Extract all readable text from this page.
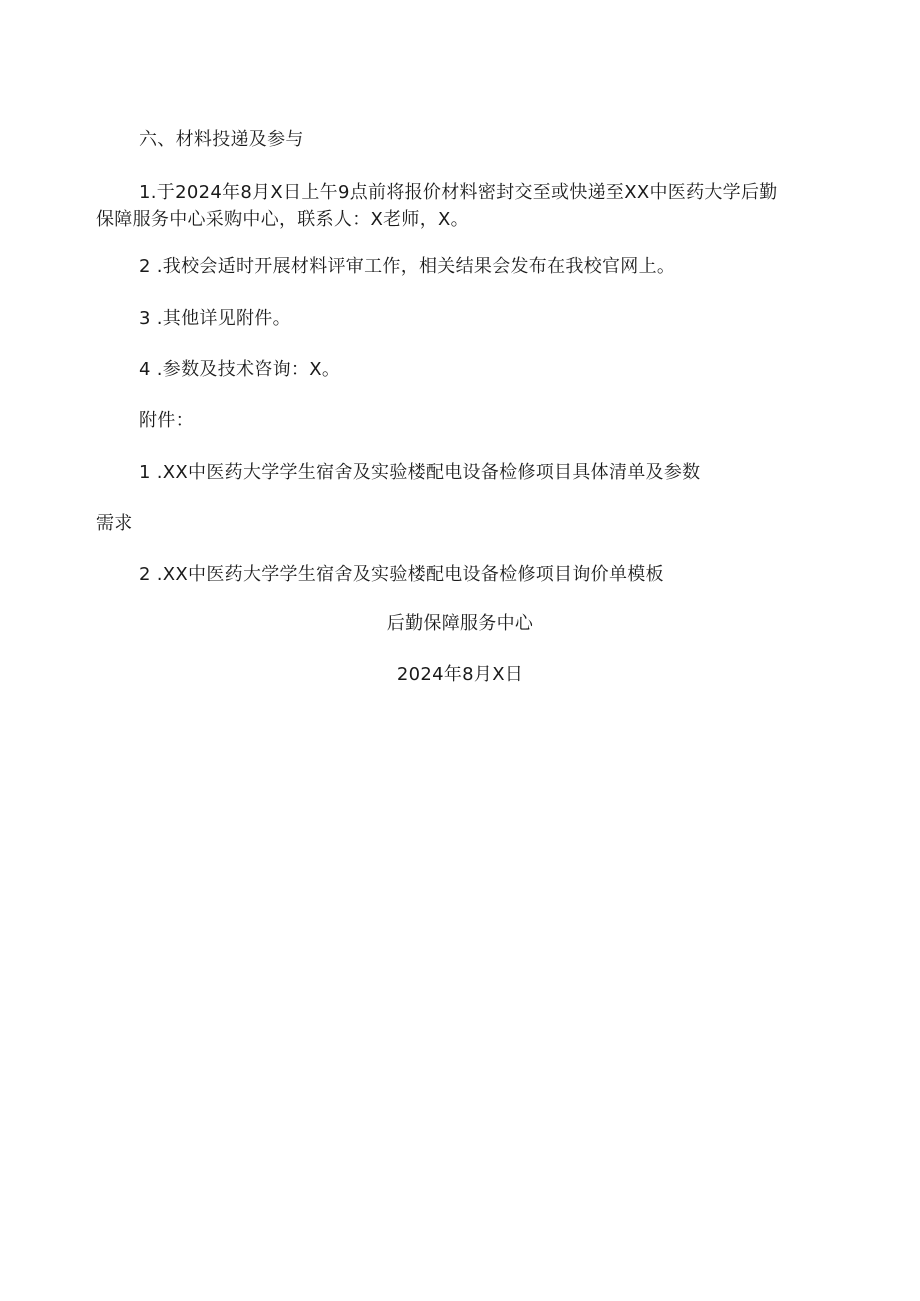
六、材料投递及参与
1.于2024年8月X日上午9点前将报价材料密封交至或快递至XX中医药大学后勤
保障服务中心采购中心，联系人：X老师，X。
2 .我校会适时开展材料评审工作，相关结果会发布在我校官网上。
3 .其他详见附件。
4 .参数及技术咨询：X。
附件：
1 .XX中医药大学学生宿舍及实验楼配电设备检修项目具体清单及参数
需求
2 .XX中医药大学学生宿舍及实验楼配电设备检修项目询价单模板
后勤保障服务中心
2024年8月X日
